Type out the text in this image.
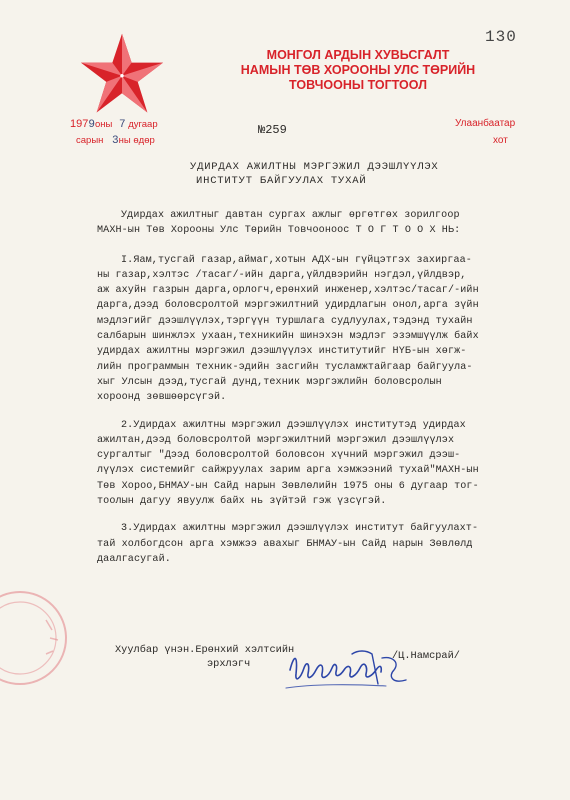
130
МОНГОЛ АРДЫН ХУВЬСГАЛТ
НАМЫН ТӨВ ХОРООНЫ УЛС ТӨРИЙН
ТОВЧООНЫ ТОГТООЛ
1979оны 7 дугаар
сарын 3ны өдөр
№259	Улаанбаатар
хот
УДИРДАХ АЖИЛТНЫ МЭРГЭЖИЛ ДЭЭШЛҮҮЛЭХ
ИНСТИТУТ БАЙГУУЛАХ ТУХАЙ
Удирдах ажилтныг давтан сургах ажлыг өргөтгөх зорилгоор
МАХН-ын Төв Хорооны Улс Төрийн Товчооноос Т О Г Т О О Х НЬ:
I.Яам,тусгай газар,аймаг,хотын АДХ-ын гүйцэтгэх захиргаа-
ны газар,хэлтэс /тасаг/-ийн дарга,үйлдвэрийн нэгдэл,үйлдвэр,
аж ахуйн газрын дарга,орлогч,ерөнхий инженер,хэлтэс/тасаг/-ийн
дарга,дээд боловсролтой мэргэжилтний удирдлагын онол,арга зүйн
мэдлэгийг дээшлүүлэх,тэргүүн туршлага судлуулах,тэдэнд тухайн
салбарын шинжлэх ухаан,техникийн шинэхэн мэдлэг эзэмшүүлж байх
удирдах ажилтны мэргэжил дээшлүүлэх институтийг НҮБ-ын хөгж-
лийн программын техник-эдийн засгийн тусламжтайгаар байгуула-
хыг Улсын дээд,тусгай дунд,техник мэргэжлийн боловсролын
хороонд зөвшөөрсүгэй.
2.Удирдах ажилтны мэргэжил дээшлүүлэх институтэд удирдах
ажилтан,дээд боловсролтой мэргэжилтний мэргэжил дээшлүүлэх
сургалтыг "Дээд боловсролтой боловсон хүчний мэргэжил дээш-
лүүлэх системийг сайжруулах зарим арга хэмжээний тухай"МАХН-ын
Төв Хороо,БНМАУ-ын Сайд нарын Зөвлөлийн 1975 оны 6 дугаар тог-
тоолын дагуу явуулж байх нь зүйтэй гэж үзсүгэй.
3.Удирдах ажилтны мэргэжил дээшлүүлэх институт байгуулахт-
тай холбогдсон арга хэмжээ авахыг БНМАУ-ын Сайд нарын Зөвлөлд
даалгасугай.
Хуулбар үнэн.Ерөнхий хэлтсийн
эрхлэгч
/Ц.Намсрай/
